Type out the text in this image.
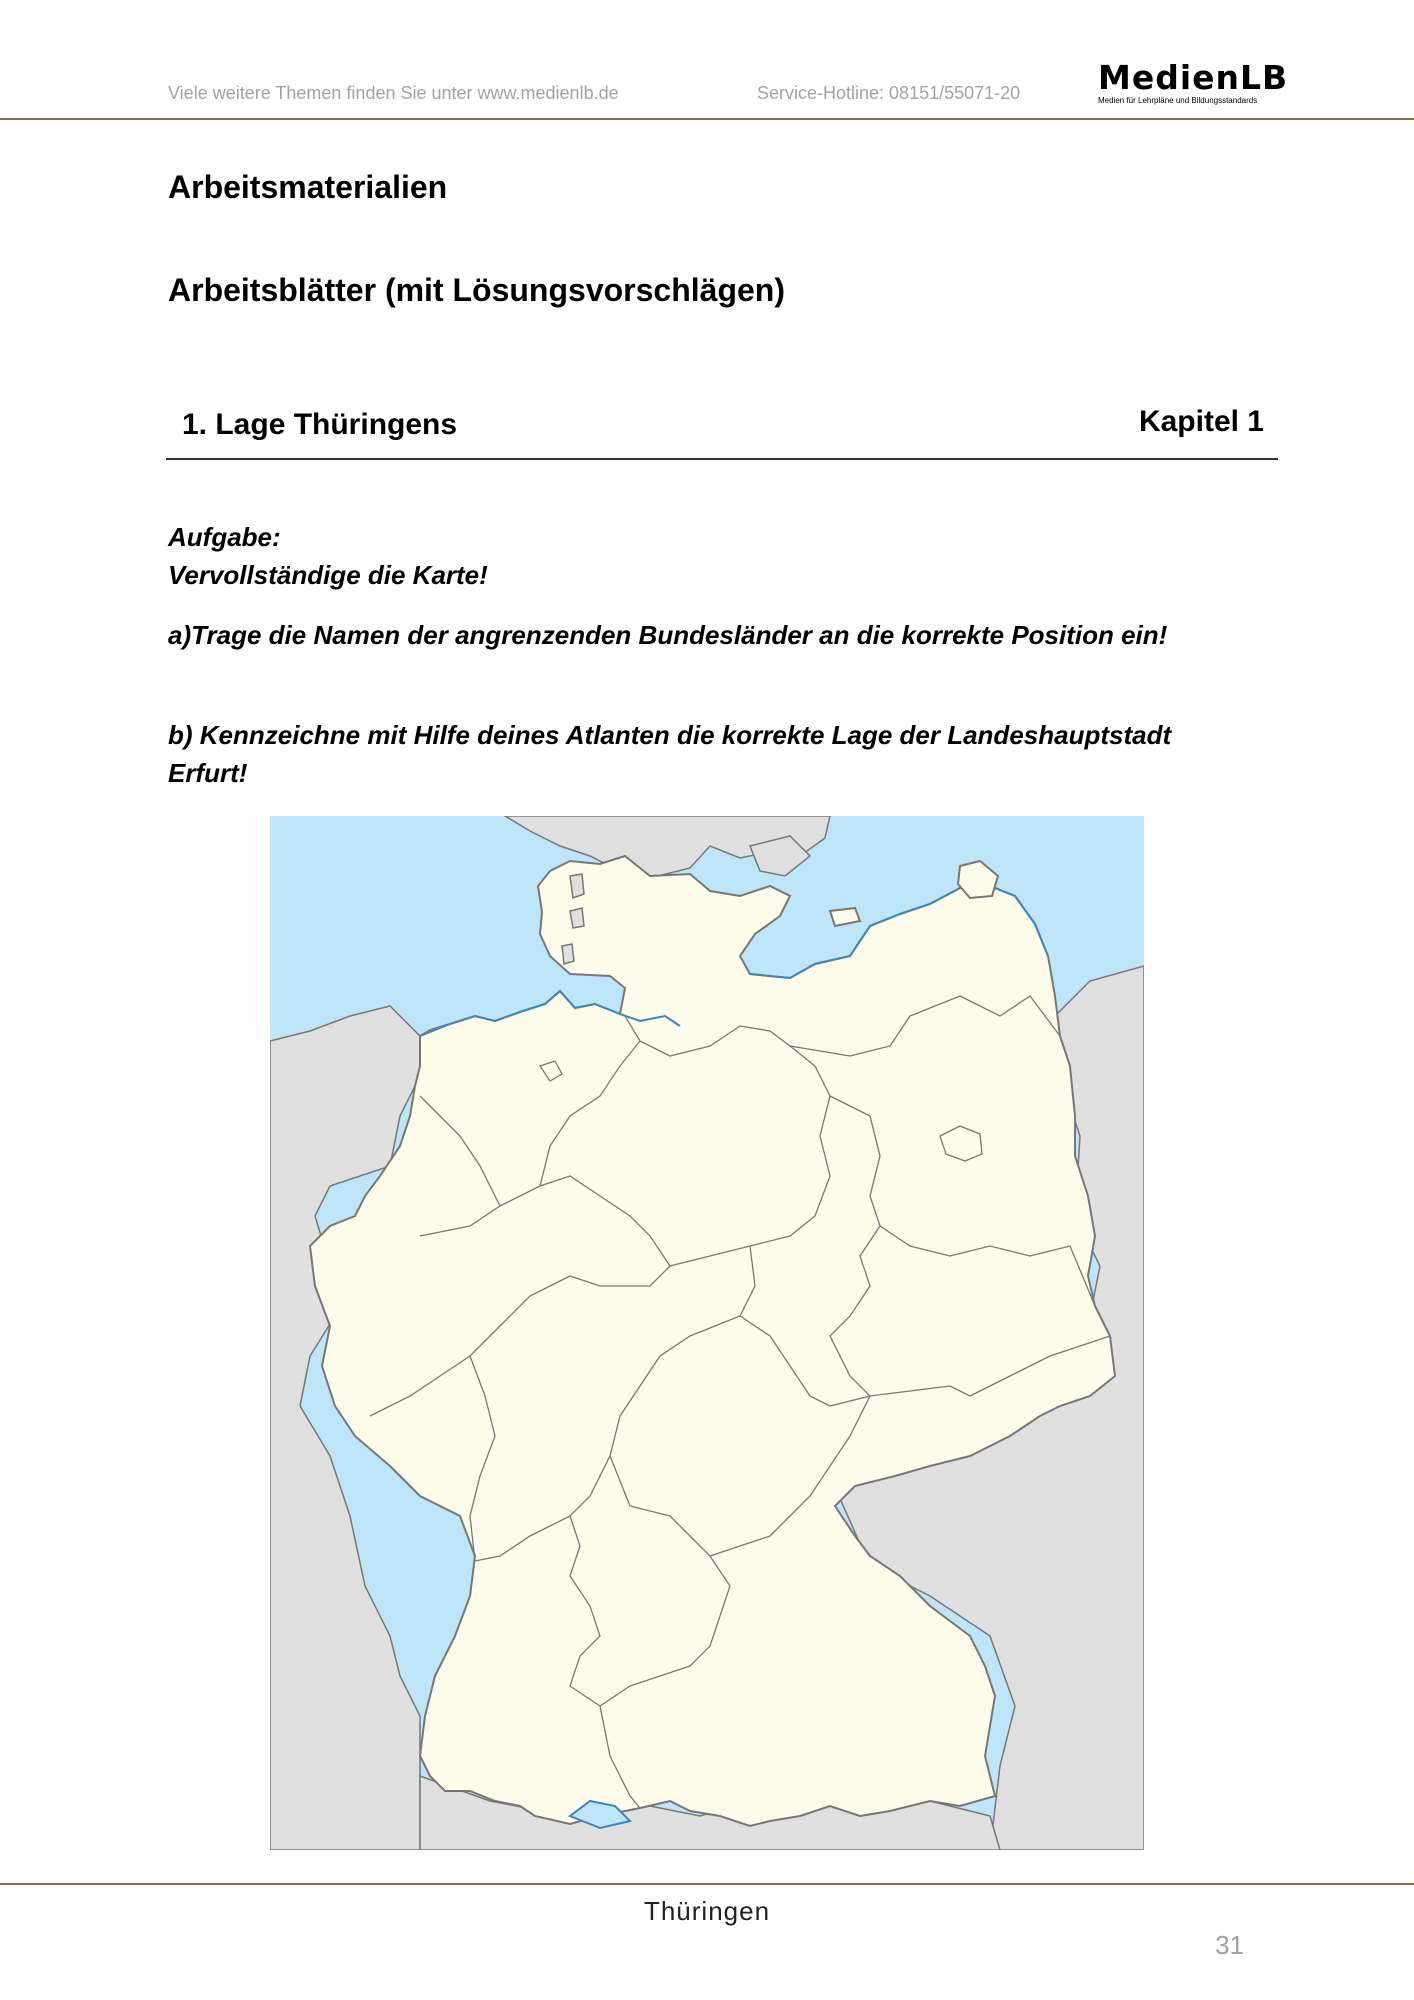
Viele weitere Themen finden Sie unter www.medienlb.de	Service-Hotline: 08151/55071-20 MedienLB
Medien für Lehrpläne und Bildungsstandards
Arbeitsmaterialien
Arbeitsblätter (mit Lösungsvorschlägen)
1. Lage Thüringens	Kapitel 1
Aufgabe:
Vervollständige die Karte!
a)Trage die Namen der angrenzenden Bundesländer an die korrekte Position ein!
b) Kennzeichne mit Hilfe deines Atlanten die korrekte Lage der Landeshauptstadt Erfurt!
Thüringen
31
